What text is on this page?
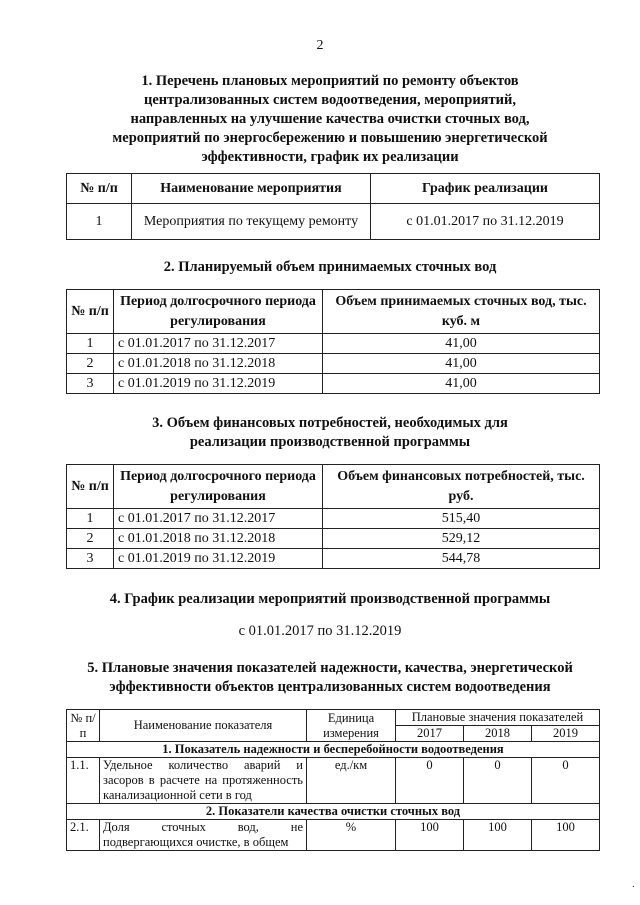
2
1. Перечень плановых мероприятий по ремонту объектов
централизованных систем водоотведения, мероприятий,
направленных на улучшение качества очистки сточных вод,
мероприятий по энергосбережению и повышению энергетической
эффективности, график их реализации
№ п/п	Наименование мероприятия	График реализации
1	Мероприятия по текущему ремонту	с 01.01.2017 по 31.12.2019
2. Планируемый объем принимаемых сточных вод
№ п/п	Период долгосрочного периода регулирования	Объем принимаемых сточных вод, тыс. куб. м
1	с 01.01.2017 по 31.12.2017	41,00
2	с 01.01.2018 по 31.12.2018	41,00
3	с 01.01.2019 по 31.12.2019	41,00
3. Объем финансовых потребностей, необходимых для
реализации производственной программы
№ п/п	Период долгосрочного периода регулирования	Объем финансовых потребностей, тыс. руб.
1	с 01.01.2017 по 31.12.2017	515,40
2	с 01.01.2018 по 31.12.2018	529,12
3	с 01.01.2019 по 31.12.2019	544,78
4. График реализации мероприятий производственной программы
с 01.01.2017 по 31.12.2019
5. Плановые значения показателей надежности, качества, энергетической
эффективности объектов централизованных систем водоотведения
№ п/п	Наименование показателя	Единица измерения	Плановые значения показателей		
			2017	2018	2019
1. Показатель надежности и бесперебойности водоотведения					
1.1.	Удельное количество аварий и засоров в расчете на протяженность канализационной сети в год	ед./км	0	0	0
2. Показатели качества очистки сточных вод					
2.1.	Доля сточных вод, не подвергающихся очистке, в общем	%	100	100	100
.
